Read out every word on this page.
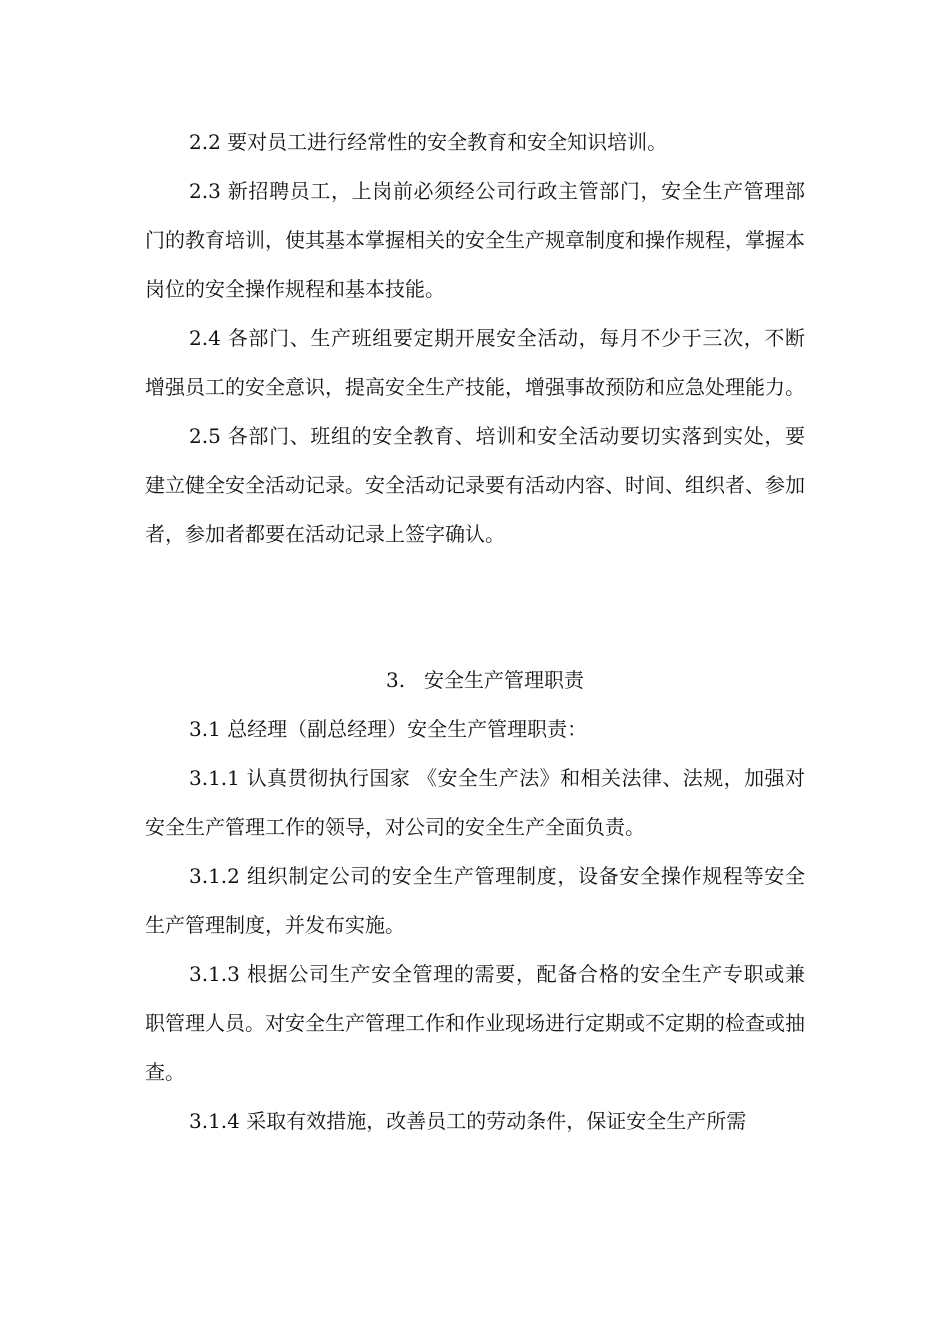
2.2 要对员工进行经常性的安全教育和安全知识培训。

2.3 新招聘员工，上岗前必须经公司行政主管部门，安全生产管理部门的教育培训，使其基本掌握相关的安全生产规章制度和操作规程，掌握本岗位的安全操作规程和基本技能。

2.4 各部门、生产班组要定期开展安全活动，每月不少于三次，不断增强员工的安全意识，提高安全生产技能，增强事故预防和应急处理能力。

2.5 各部门、班组的安全教育、培训和安全活动要切实落到实处，要建立健全安全活动记录。安全活动记录要有活动内容、时间、组织者、参加者，参加者都要在活动记录上签字确认。

3. 安全生产管理职责

3.1 总经理（副总经理）安全生产管理职责：

3.1.1 认真贯彻执行国家 《安全生产法》和相关法律、法规，加强对安全生产管理工作的领导，对公司的安全生产全面负责。

3.1.2 组织制定公司的安全生产管理制度，设备安全操作规程等安全生产管理制度，并发布实施。

3.1.3 根据公司生产安全管理的需要，配备合格的安全生产专职或兼职管理人员。对安全生产管理工作和作业现场进行定期或不定期的检查或抽查。

3.1.4 采取有效措施，改善员工的劳动条件，保证安全生产所需
